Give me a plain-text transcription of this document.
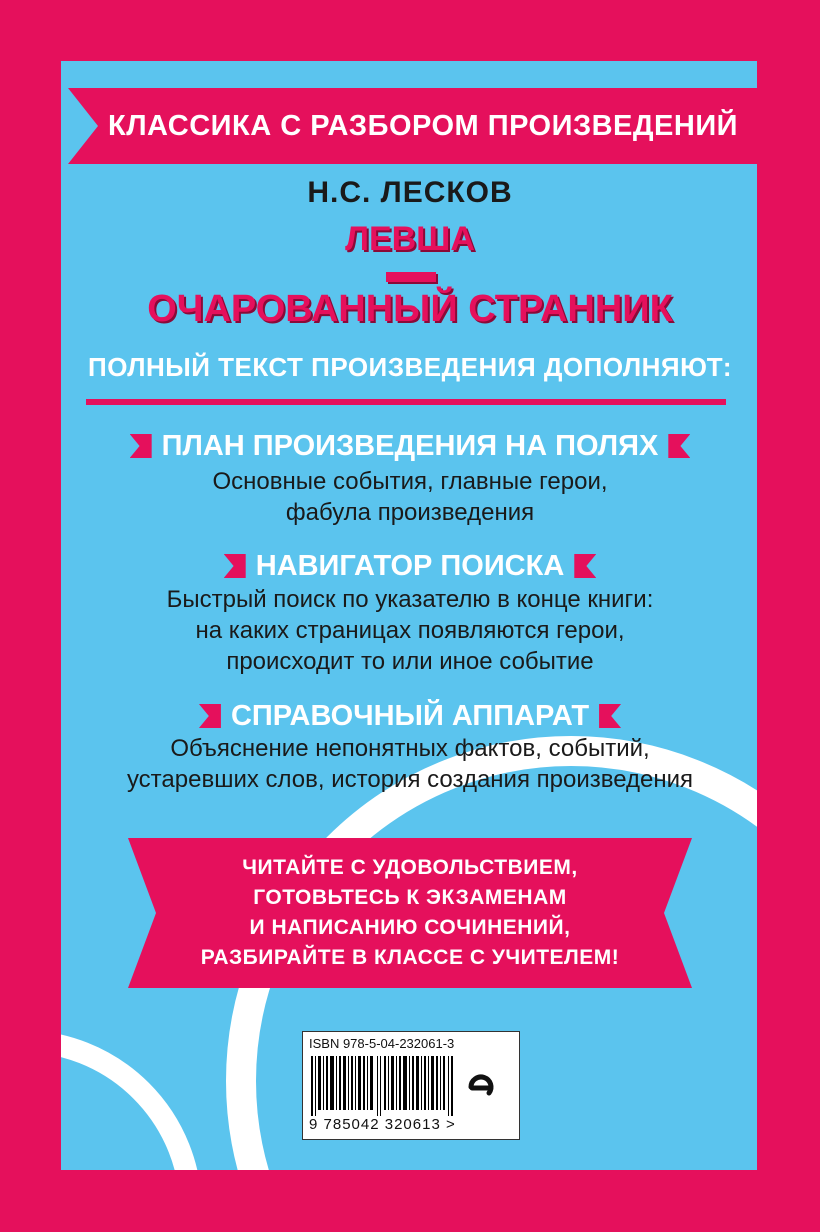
КЛАССИКА С РАЗБОРОМ ПРОИЗВЕДЕНИЙ
Н.С. ЛЕСКОВ
ЛЕВША
ОЧАРОВАННЫЙ СТРАННИК
ПОЛНЫЙ ТЕКСТ ПРОИЗВЕДЕНИЯ ДОПОЛНЯЮТ:
ПЛАН ПРОИЗВЕДЕНИЯ НА ПОЛЯХ
Основные события, главные герои,
фабула произведения
НАВИГАТОР ПОИСКА
Быстрый поиск по указателю в конце книги:
на каких страницах появляются герои,
происходит то или иное событие
СПРАВОЧНЫЙ АППАРАТ
Объяснение непонятных фактов, событий,
устаревших слов, история создания произведения
ЧИТАЙТЕ С УДОВОЛЬСТВИЕМ,
ГОТОВЬТЕСЬ К ЭКЗАМЕНАМ
И НАПИСАНИЮ СОЧИНЕНИЙ,
РАЗБИРАЙТЕ В КЛАССЕ С УЧИТЕЛЕМ!
ISBN 978-5-04-232061-3
9 785042 320613 >
